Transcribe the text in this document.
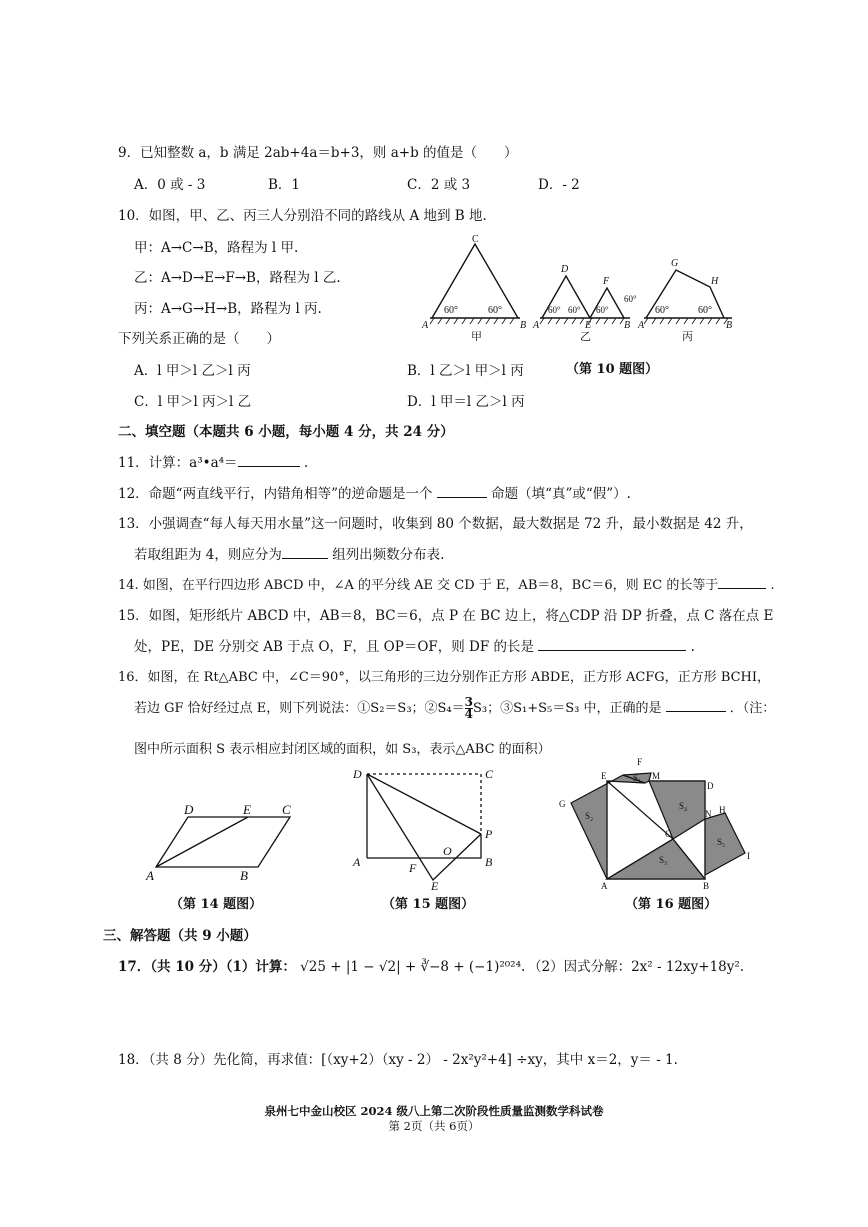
9．已知整数 a，b 满足 2ab+4a＝b+3，则 a+b 的值是（　　）
A．0 或 - 3	B．1	C．2 或 3	D．- 2
10．如图，甲、乙、丙三人分别沿不同的路线从 A 地到 B 地.
甲：A→C→B，路程为 l 甲.
乙：A→D→E→F→B，路程为 l 乙.
丙：A→G→H→B，路程为 l 丙.
下列关系正确的是（　　）
A．l 甲＞l 乙＞l 丙	B．l 乙＞l 甲＞l 丙
C．l 甲＞l 丙＞l 乙	D．l 甲＝l 乙＞l 丙
C
60°	60°
A	B
甲
D
F
60° 60° 60°
60°
A	E	B
乙
G
H
60°	60°
A	B
丙
（第 10 题图）
二、填空题（本题共 6 小题，每小题 4 分，共 24 分）
11．计算：a³•a⁴＝	.
12．命题“两直线平行，内错角相等”的逆命题是一个	命题（填“真”或“假”）.
13．小强调查“每人每天用水量”这一问题时，收集到 80 个数据，最大数据是 72 升，最小数据是 42 升，
若取组距为 4，则应分为	组列出频数分布表.
14. 如图，在平行四边形 ABCD 中，∠A 的平分线 AE 交 CD 于 E，AB＝8，BC＝6，则 EC 的长等于	.
15．如图，矩形纸片 ABCD 中，AB＝8，BC＝6，点 P 在 BC 边上，将△CDP 沿 DP 折叠，点 C 落在点 E
处，PE，DE 分别交 AB 于点 O，F，且 OP＝OF，则 DF 的长是	.
16．如图，在 Rt△ABC 中，∠C＝90°，以三角形的三边分别作正方形 ABDE，正方形 ACFG，正方形 BCHI，
若边 GF 恰好经过点 E，则下列说法：①S₂＝S₃；②S₄＝ $\frac{3}{4} S_3$；③S₁+S₅＝S₃ 中，正确的是	．（注：
图中所示面积 S 表示相应封闭区域的面积，如 S₃，表示△ABC 的面积）
D	E C
A	B
（第 14 题图）
D	C
A	B
P
O
F
E
（第 15 题图）
G
F
E	M
D
N H
I
C
A	B
S₁
S₂
S₃
S₄
S₅
（第 16 题图）
三、解答题（共 9 小题）
17．（共 10 分）（1）计算： √25 + |1 − √2| + ∛−8 + (−1)²⁰²⁴. （2）因式分解：2x² - 12xy+18y².
18．（共 8 分）先化简，再求值：[（xy+2）（xy - 2） - 2x²y²+4] ÷xy，其中 x＝2，y＝ - 1.
泉州七中金山校区 2024 级八上第二次阶段性质量监测数学科试卷
第 2页（共 6页）
